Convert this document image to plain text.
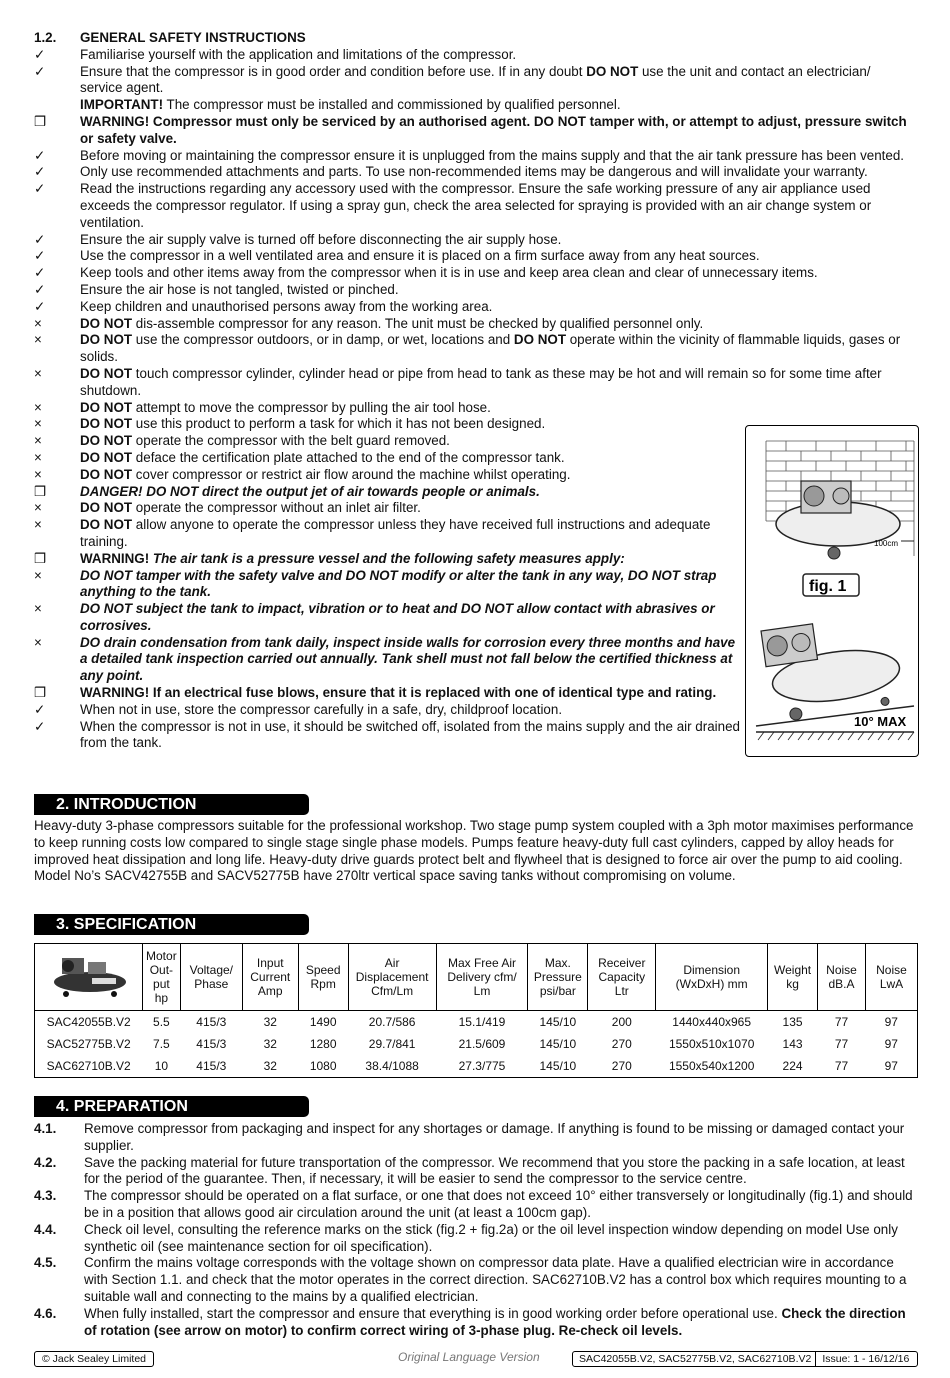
1.2.	GENERAL SAFETY INSTRUCTIONS
✓	Familiarise yourself with the application and limitations of the compressor.
✓	Ensure that the compressor is in good order and condition before use. If in any doubt DO NOT use the unit and contact an electrician/ service agent.
IMPORTANT! The compressor must be installed and commissioned by qualified personnel.
❒	WARNING! Compressor must only be serviced by an authorised agent. DO NOT tamper with, or attempt to adjust, pressure switch or safety valve.
✓	Before moving or maintaining the compressor ensure it is unplugged from the mains supply and that the air tank pressure has been vented.
✓	Only use recommended attachments and parts. To use non-recommended items may be dangerous and will invalidate your warranty.
✓	Read the instructions regarding any accessory used with the compressor. Ensure the safe working pressure of any air appliance used exceeds the compressor regulator. If using a spray gun, check the area selected for spraying is provided with an air change system or ventilation.
✓	Ensure the air supply valve is turned off before disconnecting the air supply hose.
✓	Use the compressor in a well ventilated area and ensure it is placed on a firm surface away from any heat sources.
✓	Keep tools and other items away from the compressor when it is in use and keep area clean and clear of unnecessary items.
✓	Ensure the air hose is not tangled, twisted or pinched.
✓	Keep children and unauthorised persons away from the working area.
×	DO NOT dis-assemble compressor for any reason. The unit must be checked by qualified personnel only.
×	DO NOT use the compressor outdoors, or in damp, or wet, locations and DO NOT operate within the vicinity of flammable liquids, gases or solids.
×	DO NOT touch compressor cylinder, cylinder head or pipe from head to tank as these may be hot and will remain so for some time after shutdown.
×	DO NOT attempt to move the compressor by pulling the air tool hose.
×	DO NOT use this product to perform a task for which it has not been designed.
×	DO NOT operate the compressor with the belt guard removed.
×	DO NOT deface the certification plate attached to the end of the compressor tank.
×	DO NOT cover compressor or restrict air flow around the machine whilst operating.
❒	DANGER! DO NOT direct the output jet of air towards people or animals.
×	DO NOT operate the compressor without an inlet air filter.
×	DO NOT allow anyone to operate the compressor unless they have received full instructions and adequate training.
❒	WARNING! The air tank is a pressure vessel and the following safety measures apply:
×	DO NOT tamper with the safety valve and DO NOT modify or alter the tank in any way, DO NOT strap anything to the tank.
×	DO NOT subject the tank to impact, vibration or to heat and DO NOT allow contact with abrasives or corrosives.
×	DO drain condensation from tank daily, inspect inside walls for corrosion every three months and have a detailed tank inspection carried out annually. Tank shell must not fall below the certified thickness at any point.
❒	WARNING! If an electrical fuse blows, ensure that it is replaced with one of identical type and rating.
✓	When not in use, store the compressor carefully in a safe, dry, childproof location.
✓	When the compressor is not in use, it should be switched off, isolated from the mains supply and the air drained from the tank.
100cm
fig. 1
10° MAX
2. INTRODUCTION
Heavy-duty 3-phase compressors suitable for the professional workshop. Two stage pump system coupled with a 3ph motor maximises performance to keep running costs low compared to single stage single phase models. Pumps feature heavy-duty full cast cylinders, capped by alloy heads for improved heat dissipation and long life. Heavy-duty drive guards protect belt and flywheel that is designed to force air over the pump to aid cooling. Model No’s SACV42755B and SACV52775B have 270ltr vertical space saving tanks without compromising on volume.
3. SPECIFICATION
	Motor Out-put hp	Voltage/ Phase	Input Current Amp	Speed Rpm	Air Displacement Cfm/Lm	Max Free Air Delivery cfm/ Lm	Max. Pressure psi/bar	Receiver Capacity Ltr	Dimension (WxDxH) mm	Weight kg	Noise dB.A	Noise LwA
SAC42055B.V2	5.5	415/3	32	1490	20.7/586	15.1/419	145/10	200	1440x440x965	135	77	97
SAC52775B.V2	7.5	415/3	32	1280	29.7/841	21.5/609	145/10	270	1550x510x1070	143	77	97
SAC62710B.V2	10	415/3	32	1080	38.4/1088	27.3/775	145/10	270	1550x540x1200	224	77	97
4. PREPARATION
4.1.	Remove compressor from packaging and inspect for any shortages or damage. If anything is found to be missing or damaged contact your supplier.
4.2.	Save the packing material for future transportation of the compressor. We recommend that you store the packing in a safe location, at least for the period of the guarantee. Then, if necessary, it will be easier to send the compressor to the service centre.
4.3.	The compressor should be operated on a flat surface, or one that does not exceed 10° either transversely or longitudinally (fig.1) and should be in a position that allows good air circulation around the unit (at least a 100cm gap).
4.4.	Check oil level, consulting the reference marks on the stick (fig.2 + fig.2a) or the oil level inspection window depending on model Use only synthetic oil (see maintenance section for oil specification).
4.5.	Confirm the mains voltage corresponds with the voltage shown on compressor data plate. Have a qualified electrician wire in accordance with Section 1.1. and check that the motor operates in the correct direction. SAC62710B.V2 has a control box which requires mounting to a suitable wall and connecting to the mains by a qualified electrician.
4.6.	When fully installed, start the compressor and ensure that everything is in good working order before operational use. Check the direction of rotation (see arrow on motor) to confirm correct wiring of 3-phase plug. Re-check oil levels.
© Jack Sealey Limited	Original Language Version	SAC42055B.V2, SAC52775B.V2, SAC62710B.V2	Issue: 1 - 16/12/16
